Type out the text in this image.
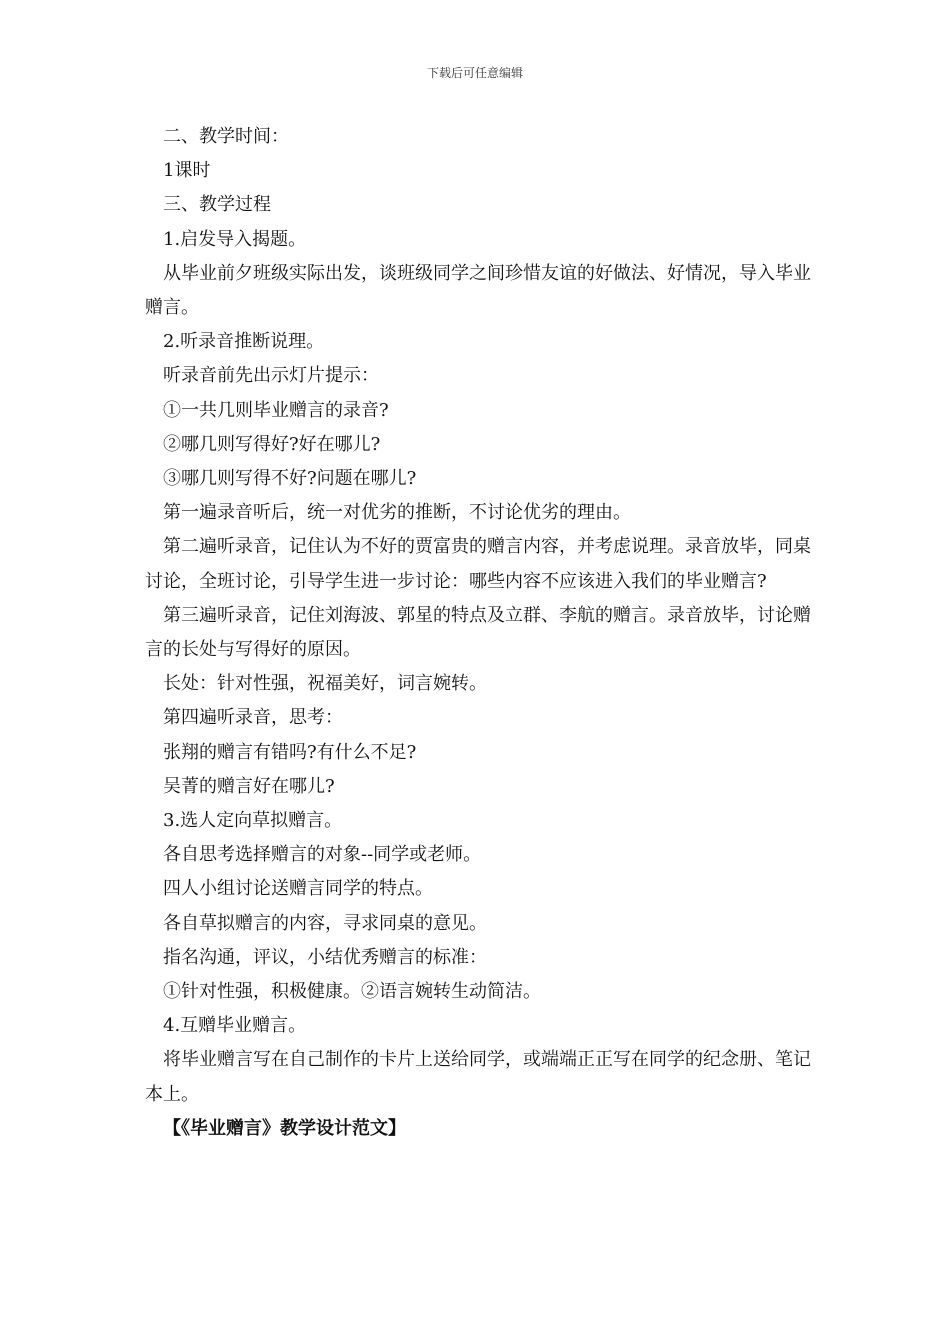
下载后可任意编辑

二、教学时间：

1课时

三、教学过程

1.启发导入揭题。

从毕业前夕班级实际出发，谈班级同学之间珍惜友谊的好做法、好情况，导入毕业赠言。

2.听录音推断说理。

听录音前先出示灯片提示：

①一共几则毕业赠言的录音?

②哪几则写得好?好在哪儿?

③哪几则写得不好?问题在哪儿?

第一遍录音听后，统一对优劣的推断，不讨论优劣的理由。

第二遍听录音，记住认为不好的贾富贵的赠言内容，并考虑说理。录音放毕，同桌讨论，全班讨论，引导学生进一步讨论：哪些内容不应该进入我们的毕业赠言?

第三遍听录音，记住刘海波、郭星的特点及立群、李航的赠言。录音放毕，讨论赠言的长处与写得好的原因。

长处：针对性强，祝福美好，词言婉转。

第四遍听录音，思考：

张翔的赠言有错吗?有什么不足?

吴菁的赠言好在哪儿?

3.选人定向草拟赠言。

各自思考选择赠言的对象--同学或老师。

四人小组讨论送赠言同学的特点。

各自草拟赠言的内容，寻求同桌的意见。

指名沟通，评议，小结优秀赠言的标准：

①针对性强，积极健康。②语言婉转生动简洁。

4.互赠毕业赠言。

将毕业赠言写在自己制作的卡片上送给同学，或端端正正写在同学的纪念册、笔记本上。

【《毕业赠言》教学设计范文】
